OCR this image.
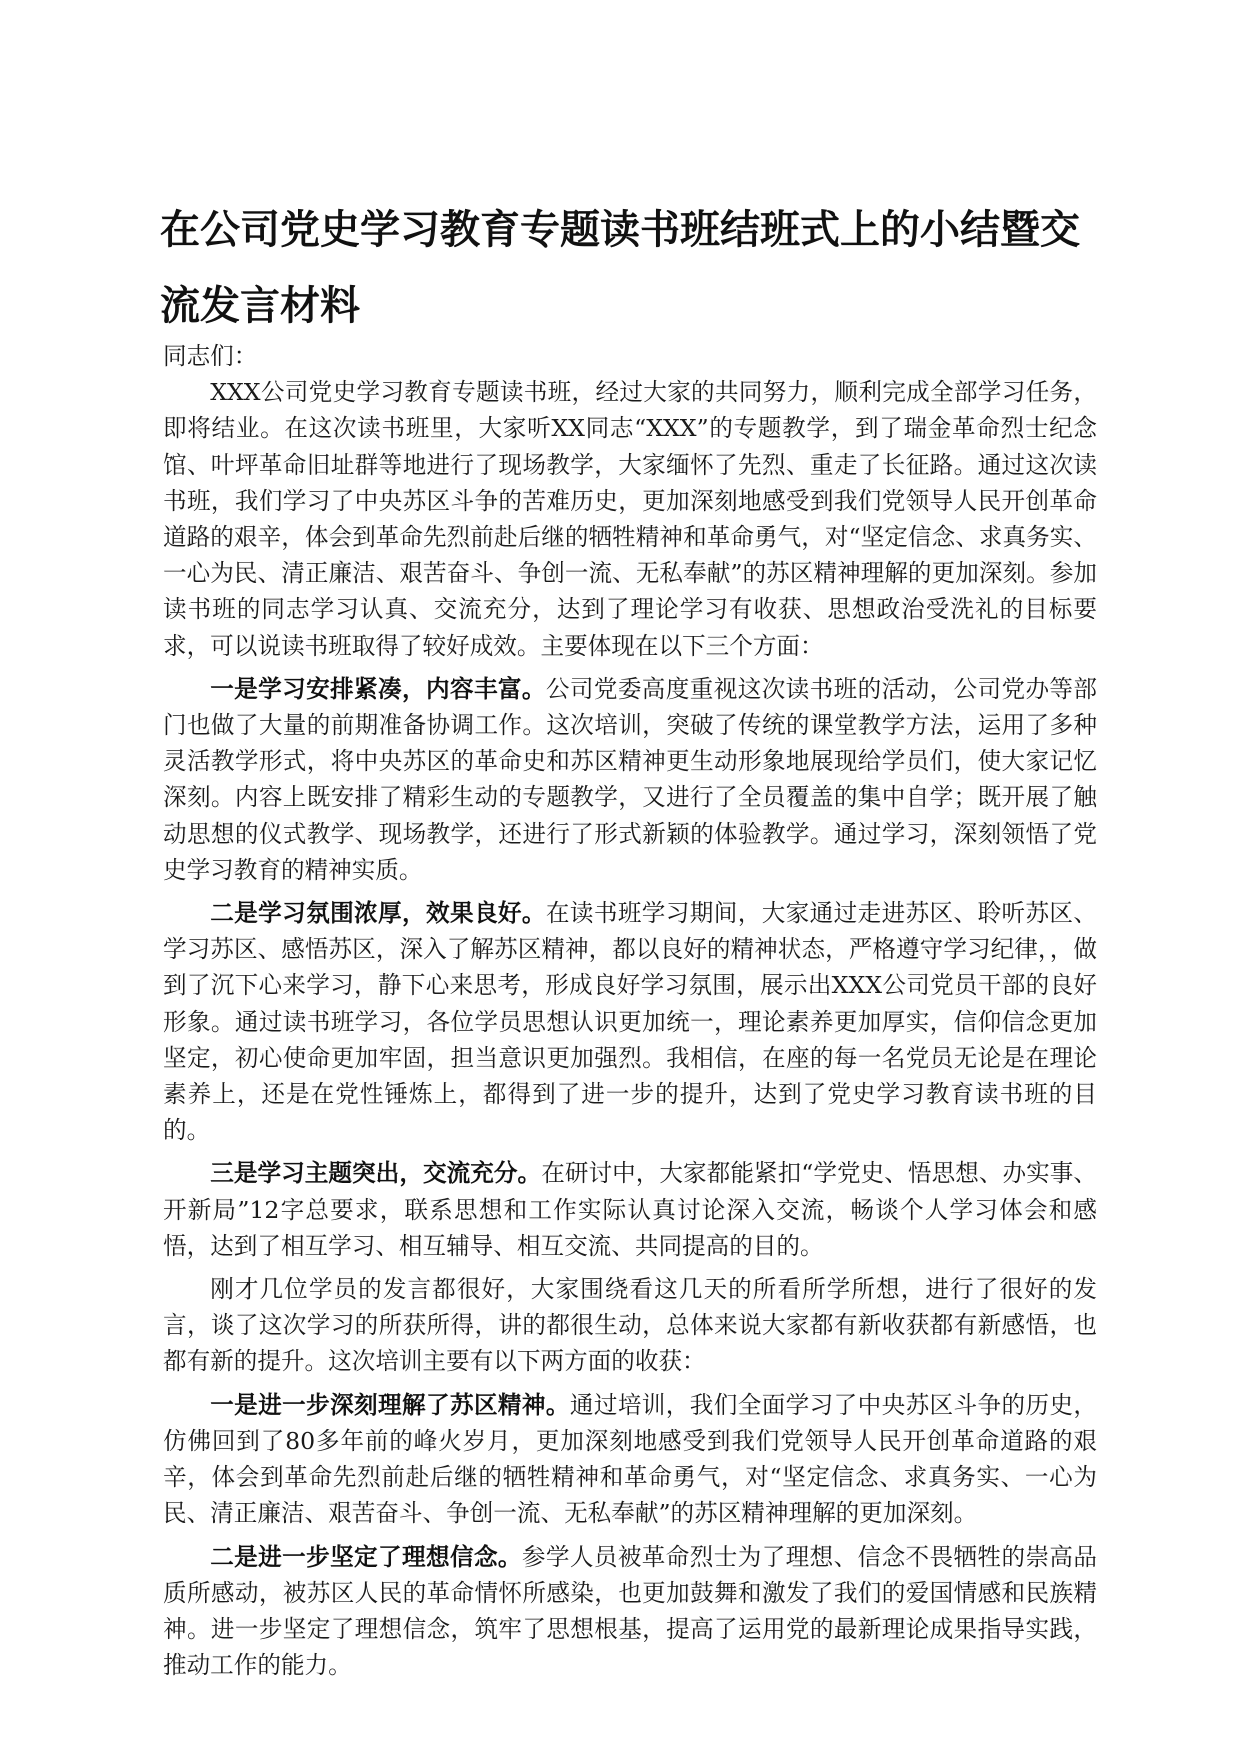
在公司党史学习教育专题读书班结班式上的小结暨交流发言材料

同志们：

XXX公司党史学习教育专题读书班，经过大家的共同努力，顺利完成全部学习任务，即将结业。在这次读书班里，大家听XX同志“XXX”的专题教学，到了瑞金革命烈士纪念馆、叶坪革命旧址群等地进行了现场教学，大家缅怀了先烈、重走了长征路。通过这次读书班，我们学习了中央苏区斗争的苦难历史，更加深刻地感受到我们党领导人民开创革命道路的艰辛，体会到革命先烈前赴后继的牺牲精神和革命勇气，对“坚定信念、求真务实、一心为民、清正廉洁、艰苦奋斗、争创一流、无私奉献”的苏区精神理解的更加深刻。参加读书班的同志学习认真、交流充分，达到了理论学习有收获、思想政治受洗礼的目标要求，可以说读书班取得了较好成效。主要体现在以下三个方面：

一是学习安排紧凑，内容丰富。公司党委高度重视这次读书班的活动，公司党办等部门也做了大量的前期准备协调工作。这次培训，突破了传统的课堂教学方法，运用了多种灵活教学形式，将中央苏区的革命史和苏区精神更生动形象地展现给学员们，使大家记忆深刻。内容上既安排了精彩生动的专题教学，又进行了全员覆盖的集中自学；既开展了触动思想的仪式教学、现场教学，还进行了形式新颖的体验教学。通过学习，深刻领悟了党史学习教育的精神实质。

二是学习氛围浓厚，效果良好。在读书班学习期间，大家通过走进苏区、聆听苏区、学习苏区、感悟苏区，深入了解苏区精神，都以良好的精神状态，严格遵守学习纪律，，做到了沉下心来学习，静下心来思考，形成良好学习氛围，展示出XXX公司党员干部的良好形象。通过读书班学习，各位学员思想认识更加统一，理论素养更加厚实，信仰信念更加坚定，初心使命更加牢固，担当意识更加强烈。我相信，在座的每一名党员无论是在理论素养上，还是在党性锤炼上，都得到了进一步的提升，达到了党史学习教育读书班的目的。

三是学习主题突出，交流充分。在研讨中，大家都能紧扣“学党史、悟思想、办实事、开新局”12字总要求，联系思想和工作实际认真讨论深入交流，畅谈个人学习体会和感悟，达到了相互学习、相互辅导、相互交流、共同提高的目的。

刚才几位学员的发言都很好，大家围绕看这几天的所看所学所想，进行了很好的发言，谈了这次学习的所获所得，讲的都很生动，总体来说大家都有新收获都有新感悟，也都有新的提升。这次培训主要有以下两方面的收获：

一是进一步深刻理解了苏区精神。通过培训，我们全面学习了中央苏区斗争的历史，仿佛回到了80多年前的峰火岁月，更加深刻地感受到我们党领导人民开创革命道路的艰辛，体会到革命先烈前赴后继的牺牲精神和革命勇气，对“坚定信念、求真务实、一心为民、清正廉洁、艰苦奋斗、争创一流、无私奉献”的苏区精神理解的更加深刻。

二是进一步坚定了理想信念。参学人员被革命烈士为了理想、信念不畏牺牲的崇高品质所感动，被苏区人民的革命情怀所感染，也更加鼓舞和激发了我们的爱国情感和民族精神。进一步坚定了理想信念，筑牢了思想根基，提高了运用党的最新理论成果指导实践，推动工作的能力。
